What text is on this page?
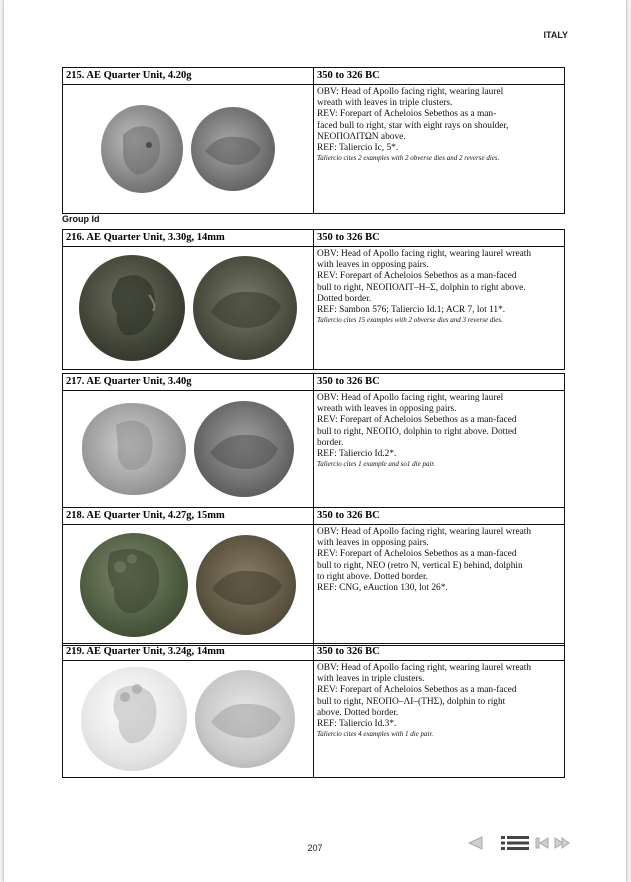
ITALY
215. AE Quarter Unit, 4.20g	350 to 326 BC
OBV: Head of Apollo facing right, wearing laurel
wreath with leaves in triple clusters.
REV: Forepart of Acheloios Sebethos as a man-
faced bull to right, star with eight rays on shoulder,
ΝΕΟΠΟΛΙΤΩΝ above.
REF: Taliercio Ic, 5*.
Taliercio cites 2 examples with 2 obverse dies and 2 reverse dies.
Group Id
216. AE Quarter Unit, 3.30g, 14mm	350 to 326 BC
OBV: Head of Apollo facing right, wearing laurel wreath
with leaves in opposing pairs.
REV: Forepart of Acheloios Sebethos as a man-faced
bull to right, ΝΕΟΠΟΛΙΤ–Η–Σ, dolphin to right above.
Dotted border.
REF: Sambon 576; Taliercio Id.1; ACR 7, lot 11*.
Taliercio cites 15 examples with 2 obverse dies and 3 reverse dies.
217. AE Quarter Unit, 3.40g	350 to 326 BC
OBV: Head of Apollo facing right, wearing laurel
wreath with leaves in opposing pairs.
REV: Forepart of Acheloios Sebethos as a man-faced
bull to right, ΝΕΟΠΟ, dolphin to right above. Dotted
border.
REF: Taliercio Id.2*.
Taliercio cites 1 example and so1 die pair.
218. AE Quarter Unit, 4.27g, 15mm	350 to 326 BC
OBV: Head of Apollo facing right, wearing laurel wreath
with leaves in opposing pairs.
REV: Forepart of Acheloios Sebethos as a man-faced
bull to right, NEO (retro N, vertical E) behind, dolphin
to right above. Dotted border.
REF: CNG, eAuction 130, lot 26*.
219. AE Quarter Unit, 3.24g, 14mm	350 to 326 BC
OBV: Head of Apollo facing right, wearing laurel wreath
with leaves in triple clusters.
REV: Forepart of Acheloios Sebethos as a man-faced
bull to right, ΝΕΟΠΟ–ΛΙ–(ΤΗΣ), dolphin to right
above. Dotted border.
REF: Taliercio Id.3*.
Taliercio cites 4 examples with 1 die pair.
207
